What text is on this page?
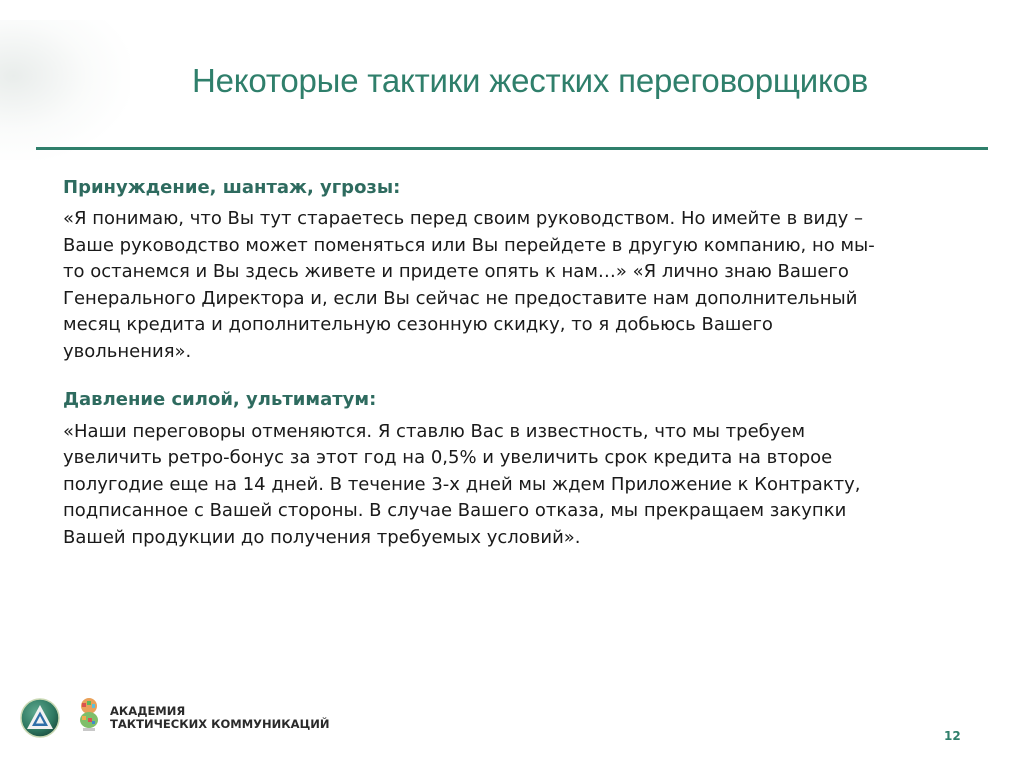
Некоторые тактики жестких переговорщиков

Принуждение, шантаж, угрозы:

«Я понимаю, что Вы тут стараетесь перед своим руководством. Но имейте в виду –
Ваше руководство может поменяться или Вы перейдете в другую компанию, но мы-
то останемся и Вы здесь живете и придете опять к нам…» «Я лично знаю Вашего
Генерального Директора и, если Вы сейчас не предоставите нам дополнительный
месяц кредита и дополнительную сезонную скидку, то я добьюсь Вашего
увольнения».

Давление силой, ультиматум:

«Наши переговоры отменяются. Я ставлю Вас в известность, что мы требуем
увеличить ретро-бонус за этот год на 0,5% и увеличить срок кредита на второе
полугодие еще на 14 дней. В течение 3-х дней мы ждем Приложение к Контракту,
подписанное с Вашей стороны. В случае Вашего отказа, мы прекращаем закупки
Вашей продукции до получения требуемых условий».

АКАДЕМИЯ
ТАКТИЧЕСКИХ КОММУНИКАЦИЙ
12
